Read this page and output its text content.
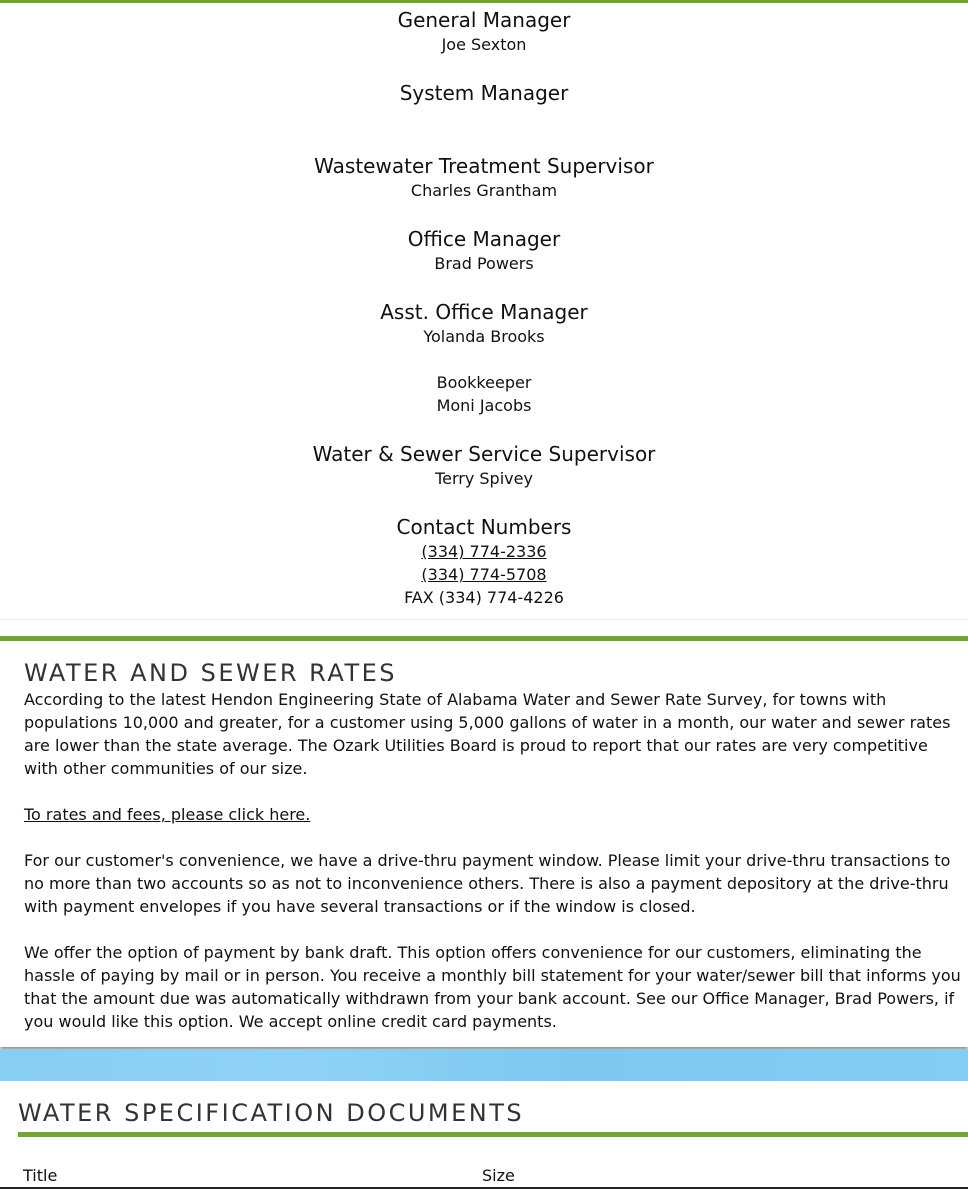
General Manager
Joe Sexton
System Manager
Wastewater Treatment Supervisor
Charles Grantham
Office Manager
Brad Powers
Asst. Office Manager
Yolanda Brooks
Bookkeeper
Moni Jacobs
Water & Sewer Service Supervisor
Terry Spivey
Contact Numbers
(334) 774-2336
(334) 774-5708
FAX (334) 774-4226
WATER AND SEWER RATES

According to the latest Hendon Engineering State of Alabama Water and Sewer Rate Survey, for towns with populations 10,000 and greater, for a customer using 5,000 gallons of water in a month, our water and sewer rates are lower than the state average. The Ozark Utilities Board is proud to report that our rates are very competitive with other communities of our size.

To rates and fees, please click here.

For our customer's convenience, we have a drive-thru payment window. Please limit your drive-thru transactions to no more than two accounts so as not to inconvenience others. There is also a payment depository at the drive-thru with payment envelopes if you have several transactions or if the window is closed.

We offer the option of payment by bank draft. This option offers convenience for our customers, eliminating the hassle of paying by mail or in person. You receive a monthly bill statement for your water/sewer bill that informs you that the amount due was automatically withdrawn from your bank account. See our Office Manager, Brad Powers, if you would like this option. We accept online credit card payments.

WATER SPECIFICATION DOCUMENTS
Title	Size
